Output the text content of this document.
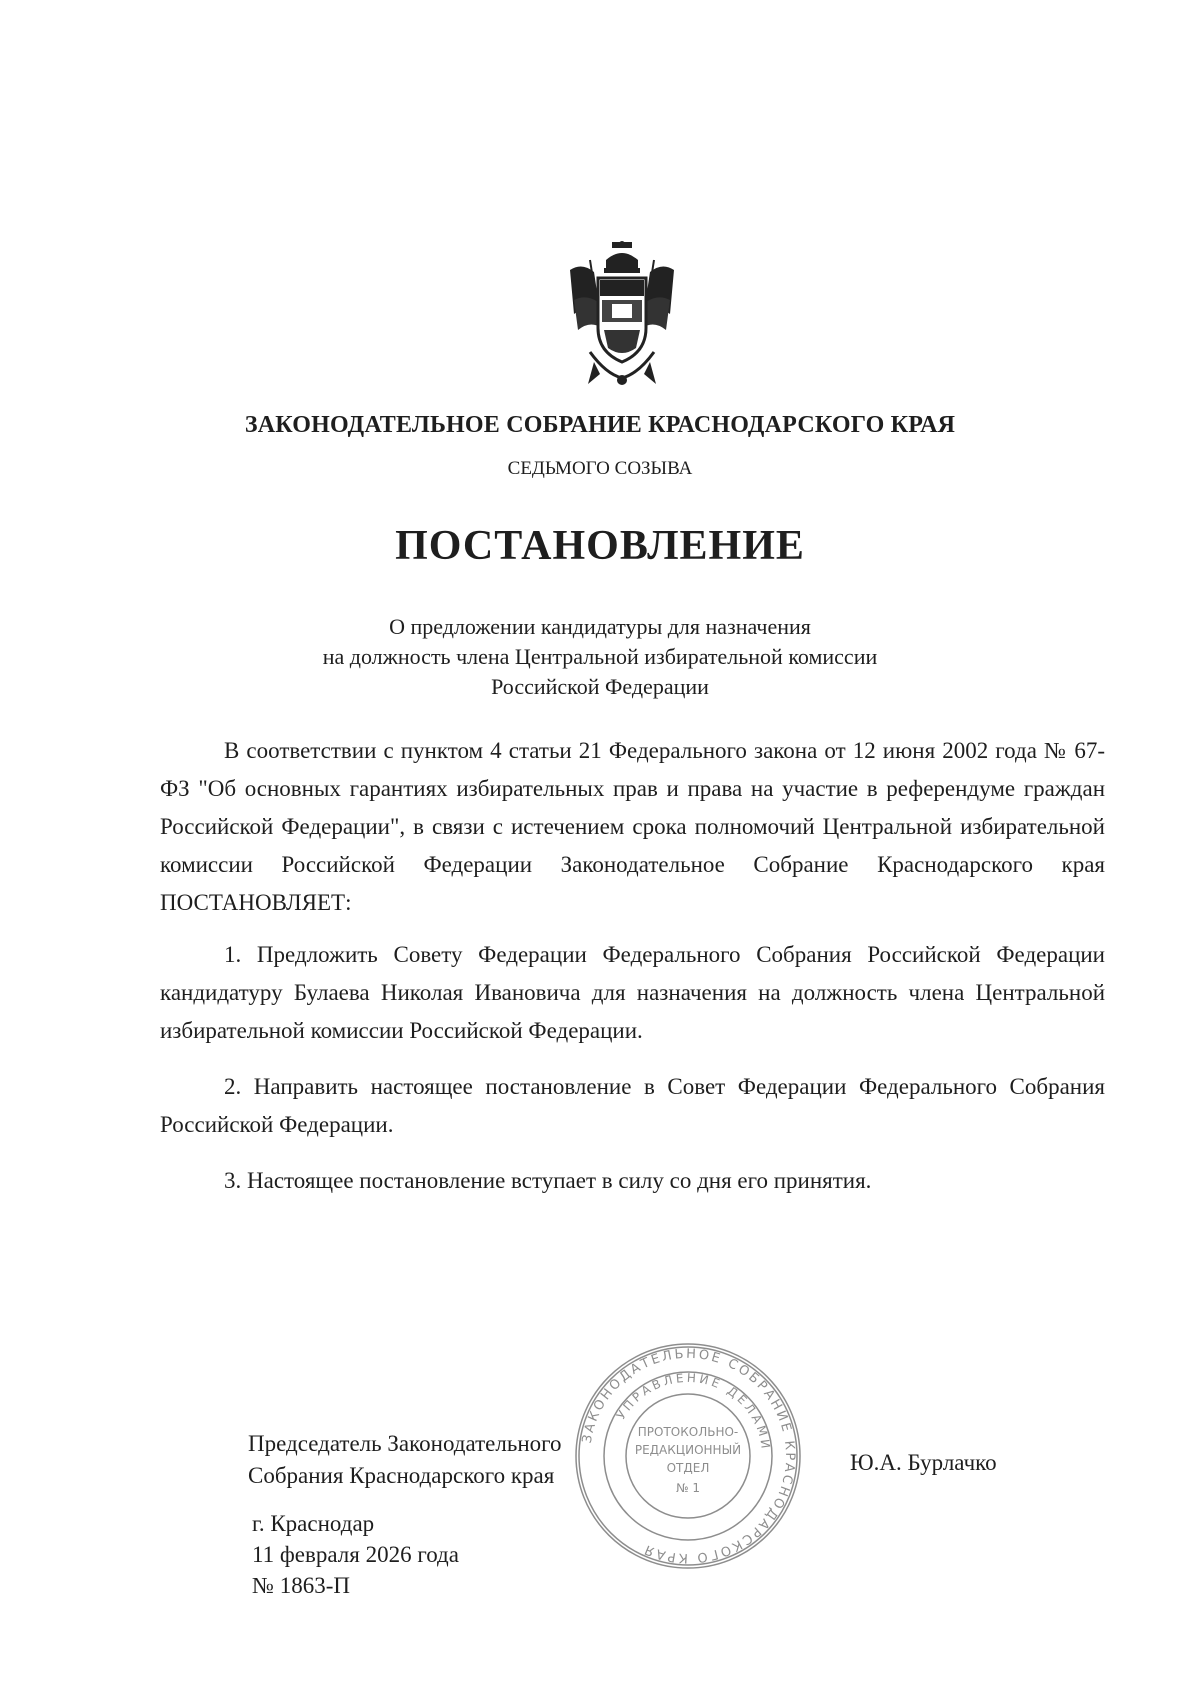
ЗАКОНОДАТЕЛЬНОЕ СОБРАНИЕ КРАСНОДАРСКОГО КРАЯ
СЕДЬМОГО СОЗЫВА
ПОСТАНОВЛЕНИЕ
О предложении кандидатуры для назначения
на должность члена Центральной избирательной комиссии
Российской Федерации

В соответствии с пунктом 4 статьи 21 Федерального закона от 12 июня 2002 года № 67-ФЗ "Об основных гарантиях избирательных прав и права на участие в референдуме граждан Российской Федерации", в связи с истечением срока полномочий Центральной избирательной комиссии Российской Федерации Законодательное Собрание Краснодарского края ПОСТАНОВЛЯЕТ:

1. Предложить Совету Федерации Федерального Собрания Российской Федерации кандидатуру Булаева Николая Ивановича для назначения на должность члена Центральной избирательной комиссии Российской Федерации.

2. Направить настоящее постановление в Совет Федерации Федерального Собрания Российской Федерации.

3. Настоящее постановление вступает в силу со дня его принятия.

Председатель Законодательного
Собрания Краснодарского края
Ю.А. Бурлачко
г. Краснодар
11 февраля 2026 года
№ 1863-П
ЗАКОНОДАТЕЛЬНОЕ СОБРАНИЕ КРАСНОДАРСКОГО КРАЯ
УПРАВЛЕНИЕ ДЕЛАМИ
ПРОТОКОЛЬНО-
РЕДАКЦИОННЫЙ
ОТДЕЛ
№ 1
